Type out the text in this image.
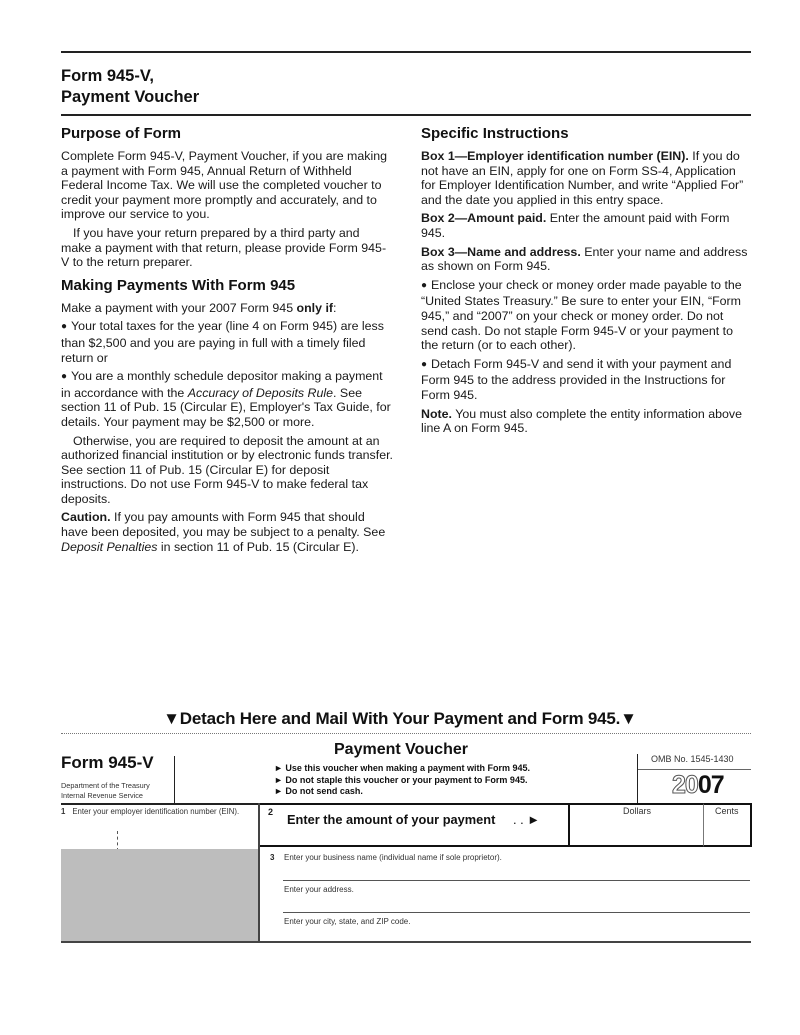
Form 945-V,
Payment Voucher
Purpose of Form

Complete Form 945-V, Payment Voucher, if you are making a payment with Form 945, Annual Return of Withheld Federal Income Tax. We will use the completed voucher to credit your payment more promptly and accurately, and to improve our service to you.

If you have your return prepared by a third party and make a payment with that return, please provide Form 945-V to the return preparer.

Making Payments With Form 945

Make a payment with your 2007 Form 945 only if:

● Your total taxes for the year (line 4 on Form 945) are less than $2,500 and you are paying in full with a timely filed return or

● You are a monthly schedule depositor making a payment in accordance with the Accuracy of Deposits Rule. See section 11 of Pub. 15 (Circular E), Employer's Tax Guide, for details. Your payment may be $2,500 or more.

Otherwise, you are required to deposit the amount at an authorized financial institution or by electronic funds transfer. See section 11 of Pub. 15 (Circular E) for deposit instructions. Do not use Form 945-V to make federal tax deposits.

Caution. If you pay amounts with Form 945 that should have been deposited, you may be subject to a penalty. See Deposit Penalties in section 11 of Pub. 15 (Circular E).

Specific Instructions

Box 1—Employer identification number (EIN). If you do not have an EIN, apply for one on Form SS-4, Application for Employer Identification Number, and write “Applied For” and the date you applied in this entry space.

Box 2—Amount paid. Enter the amount paid with Form 945.

Box 3—Name and address. Enter your name and address as shown on Form 945.

● Enclose your check or money order made payable to the “United States Treasury.” Be sure to enter your EIN, “Form 945,” and “2007” on your check or money order. Do not send cash. Do not staple Form 945-V or your payment to the return (or to each other).

● Detach Form 945-V and send it with your payment and Form 945 to the address provided in the Instructions for Form 945.

Note. You must also complete the entity information above line A on Form 945.

▼Detach Here and Mail With Your Payment and Form 945.▼
Form 945-V
Department of the Treasury
Internal Revenue Service
Payment Voucher
► Use this voucher when making a payment with Form 945.
► Do not staple this voucher or your payment to Form 945.
► Do not send cash.
OMB No. 1545-1430
2007
1 Enter your employer identification number (EIN).	2 Enter the amount of your payment . . ►
Dollars	Cents
3 Enter your business name (individual name if sole proprietor).
Enter your address.
Enter your city, state, and ZIP code.
